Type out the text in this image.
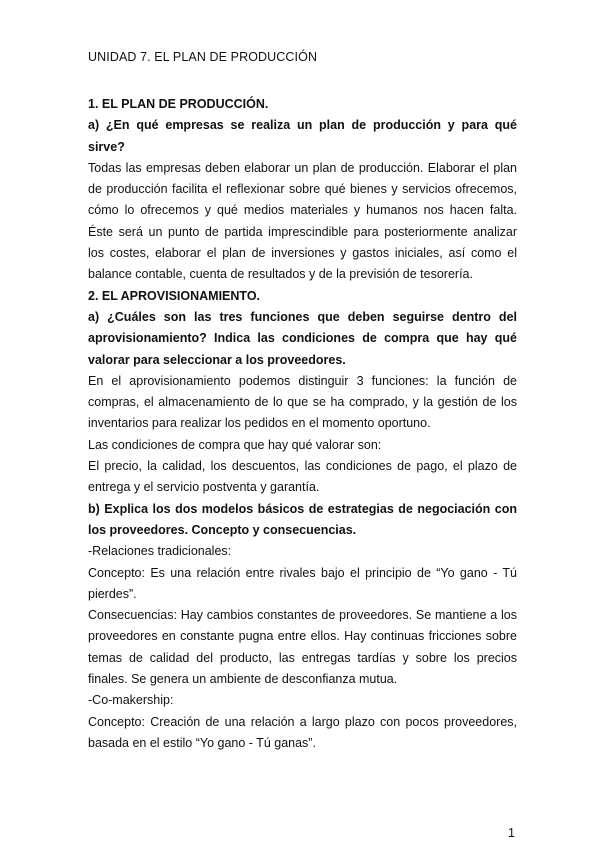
UNIDAD 7. EL PLAN DE PRODUCCIÓN

1. EL PLAN DE PRODUCCIÓN.

a) ¿En qué empresas se realiza un plan de producción y para qué sirve?

Todas las empresas deben elaborar un plan de producción. Elaborar el plan de producción facilita el reflexionar sobre qué bienes y servicios ofrecemos, cómo lo ofrecemos y qué medios materiales y humanos nos hacen falta. Éste será un punto de partida imprescindible para posteriormente analizar los costes, elaborar el plan de inversiones y gastos iniciales, así como el balance contable, cuenta de resultados y de la previsión de tesorería.

2. EL APROVISIONAMIENTO.

a) ¿Cuáles son las tres funciones que deben seguirse dentro del aprovisionamiento? Indica las condiciones de compra que hay qué valorar para seleccionar a los proveedores.

En el aprovisionamiento podemos distinguir 3 funciones: la función de compras, el almacenamiento de lo que se ha comprado, y la gestión de los inventarios para realizar los pedidos en el momento oportuno.

Las condiciones de compra que hay qué valorar son:

El precio, la calidad, los descuentos, las condiciones de pago, el plazo de entrega y el servicio postventa y garantía.

b) Explica los dos modelos básicos de estrategias de negociación con los proveedores. Concepto y consecuencias.

-Relaciones tradicionales:

Concepto: Es una relación entre rivales bajo el principio de “Yo gano - Tú pierdes”.

Consecuencias: Hay cambios constantes de proveedores. Se mantiene a los proveedores en constante pugna entre ellos. Hay continuas fricciones sobre temas de calidad del producto, las entregas tardías y sobre los precios finales. Se genera un ambiente de desconfianza mutua.

-Co-makership:

Concepto: Creación de una relación a largo plazo con pocos proveedores, basada en el estilo “Yo gano - Tú ganas”.

1
